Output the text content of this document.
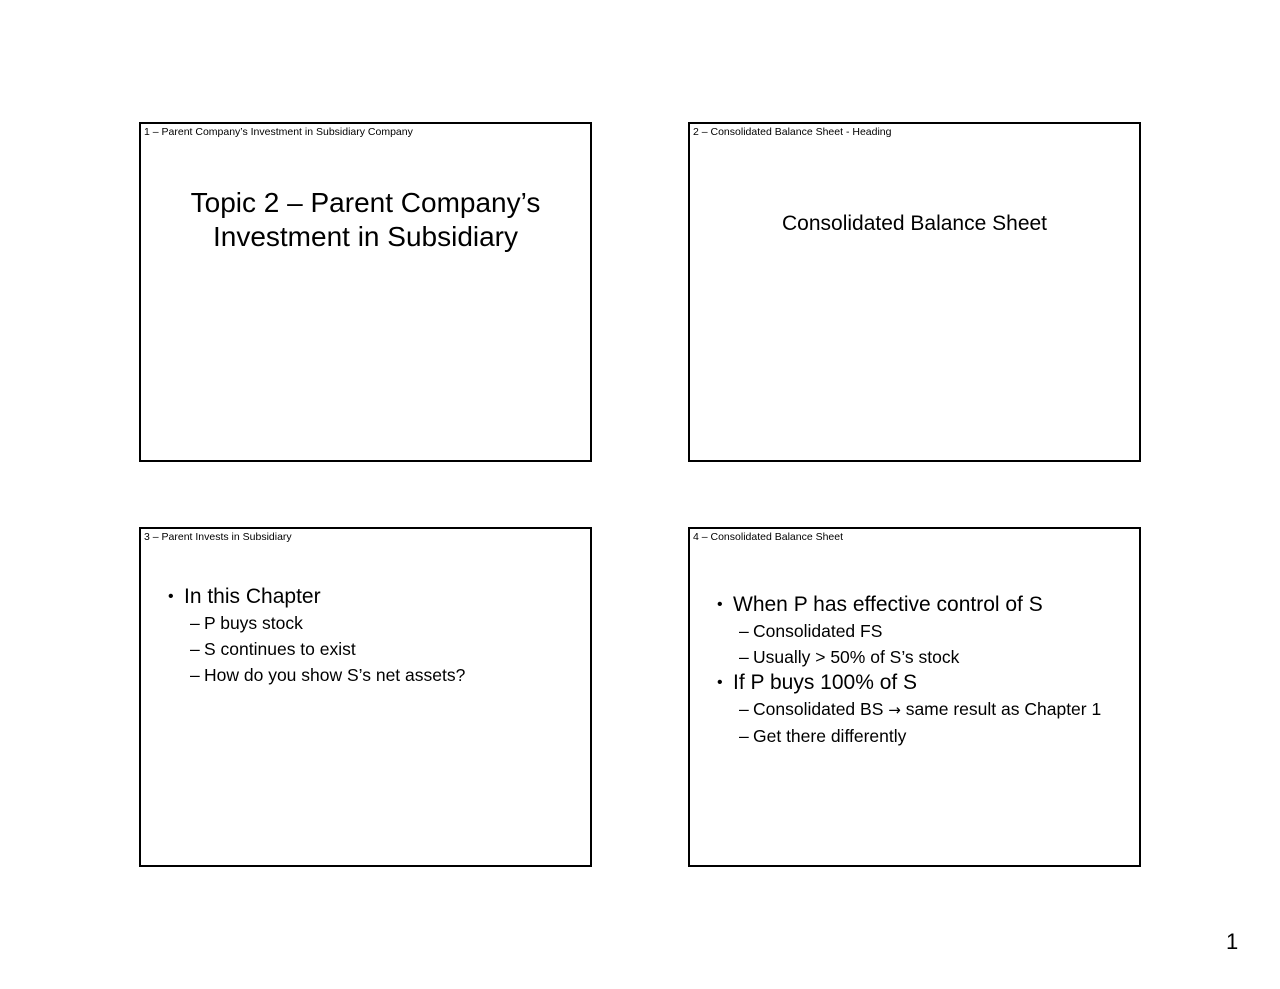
1 – Parent Company’s Investment in Subsidiary Company
Topic 2 – Parent Company’s
Investment in Subsidiary
2 – Consolidated Balance Sheet - Heading
Consolidated Balance Sheet
3 – Parent Invests in Subsidiary
• In this Chapter
– P buys stock
– S continues to exist
– How do you show S’s net assets?
4 – Consolidated Balance Sheet
• When P has effective control of S
– Consolidated FS
– Usually > 50% of S’s stock
• If P buys 100% of S
– Consolidated BS → same result as Chapter 1
– Get there differently
1
